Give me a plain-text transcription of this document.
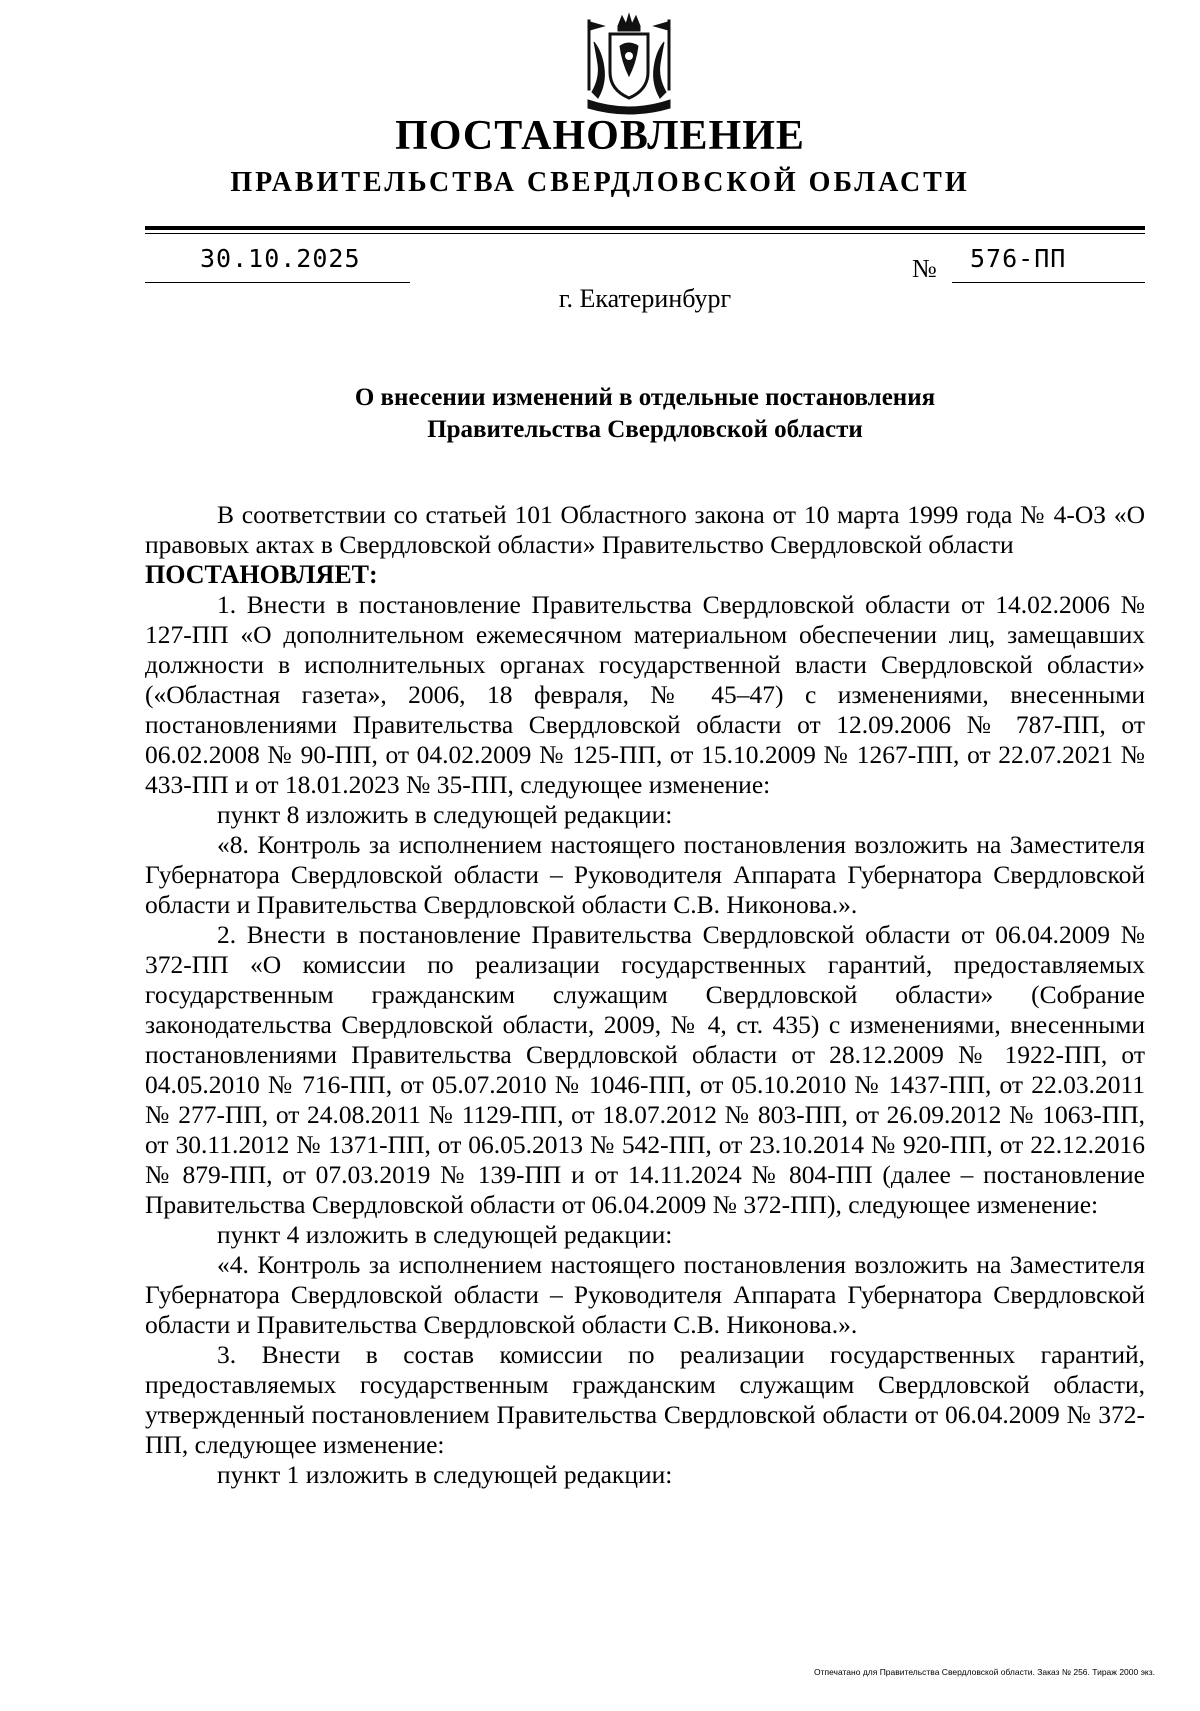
ПОСТАНОВЛЕНИЕ
ПРАВИТЕЛЬСТВА СВЕРДЛОВСКОЙ ОБЛАСТИ
30.10.2025	№ 576-ПП
г. Екатеринбург
О внесении изменений в отдельные постановления
Правительства Свердловской области

В соответствии со статьей 101 Областного закона от 10 марта 1999 года № 4-ОЗ «О правовых актах в Свердловской области» Правительство Свердловской области

ПОСТАНОВЛЯЕТ:

1. Внести в постановление Правительства Свердловской области от 14.02.2006 № 127-ПП «О дополнительном ежемесячном материальном обеспечении лиц, замещавших должности в исполнительных органах государственной власти Свердловской области» («Областная газета», 2006, 18 февраля, № 45–47) с изменениями, внесенными постановлениями Правительства Свердловской области от 12.09.2006 № 787-ПП, от 06.02.2008 № 90-ПП, от 04.02.2009 № 125-ПП, от 15.10.2009 № 1267-ПП, от 22.07.2021 № 433-ПП и от 18.01.2023 № 35-ПП, следующее изменение:

пункт 8 изложить в следующей редакции:

«8. Контроль за исполнением настоящего постановления возложить на Заместителя Губернатора Свердловской области – Руководителя Аппарата Губернатора Свердловской области и Правительства Свердловской области С.В. Никонова.».

2. Внести в постановление Правительства Свердловской области от 06.04.2009 № 372-ПП «О комиссии по реализации государственных гарантий, предоставляемых государственным гражданским служащим Свердловской области» (Собрание законодательства Свердловской области, 2009, № 4, ст. 435) с изменениями, внесенными постановлениями Правительства Свердловской области от 28.12.2009 № 1922-ПП, от 04.05.2010 № 716-ПП, от 05.07.2010 № 1046-ПП, от 05.10.2010 № 1437-ПП, от 22.03.2011 № 277-ПП, от 24.08.2011 № 1129-ПП, от 18.07.2012 № 803-ПП, от 26.09.2012 № 1063-ПП, от 30.11.2012 № 1371-ПП, от 06.05.2013 № 542-ПП, от 23.10.2014 № 920-ПП, от 22.12.2016 № 879-ПП, от 07.03.2019 № 139-ПП и от 14.11.2024 № 804-ПП (далее – постановление Правительства Свердловской области от 06.04.2009 № 372-ПП), следующее изменение:

пункт 4 изложить в следующей редакции:

«4. Контроль за исполнением настоящего постановления возложить на Заместителя Губернатора Свердловской области – Руководителя Аппарата Губернатора Свердловской области и Правительства Свердловской области С.В. Никонова.».

3. Внести в состав комиссии по реализации государственных гарантий, предоставляемых государственным гражданским служащим Свердловской области, утвержденный постановлением Правительства Свердловской области от 06.04.2009 № 372-ПП, следующее изменение:

пункт 1 изложить в следующей редакции:

Отпечатано для Правительства Свердловской области. Заказ № 256. Тираж 2000 экз.
